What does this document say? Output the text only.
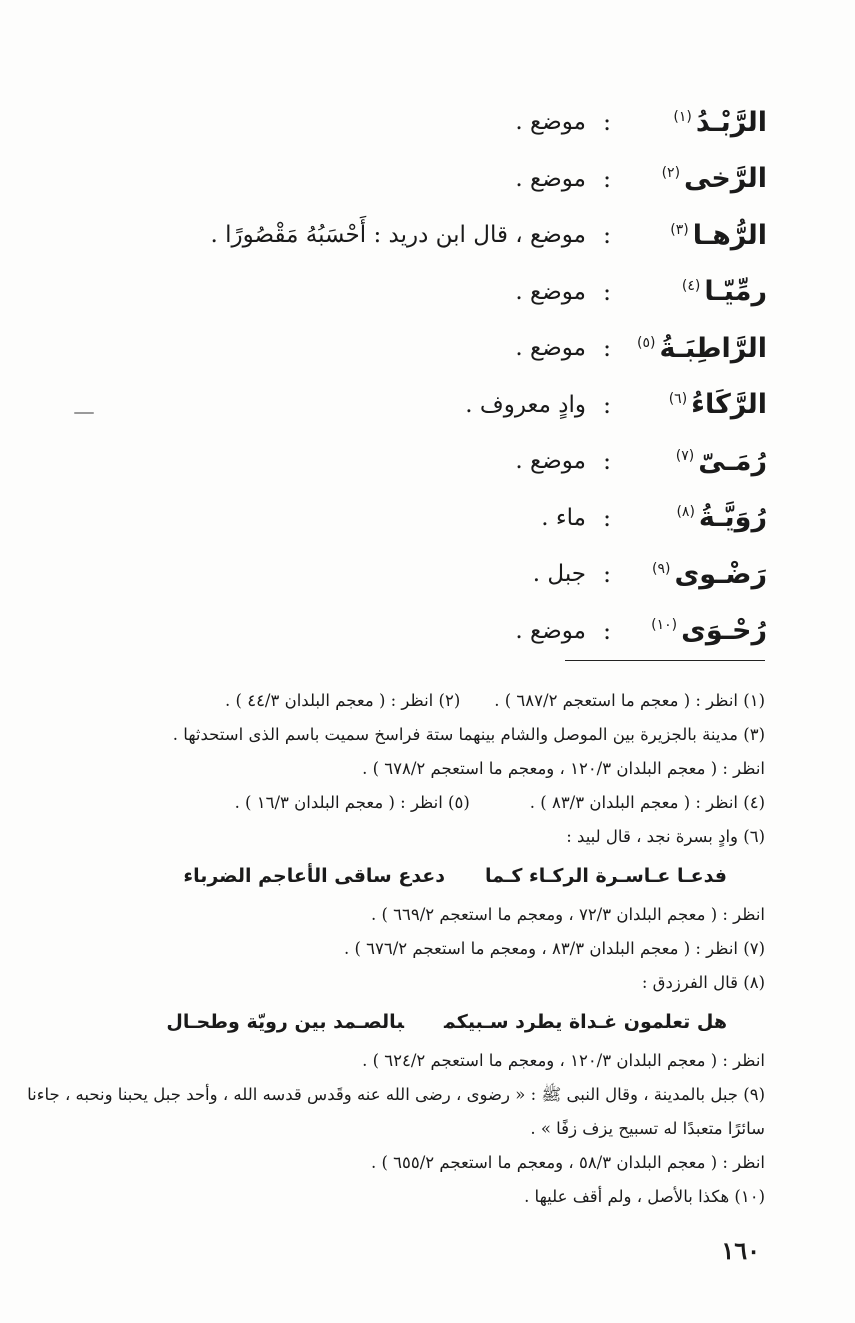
الرَّبْـدُ$^{(١)}$
:
موضع .
الرَّخى$^{(٢)}$
:
موضع .
الرُّهـا$^{(٣)}$
:
موضع ، قال ابن دريد : أَحْسَبُهُ مَقْصُورًا .
رمِّيّـا$^{(٤)}$
:
موضع .
الرَّاطِبَـةُ$^{(٥)}$
:
موضع .
الرَّكَاءُ$^{(٦)}$
:
وادٍ معروف .
رُمَـىّ$^{(٧)}$
:
موضع .
رُوَيَّـةُ$^{(٨)}$
:
ماء .
رَضْـوى$^{(٩)}$
:
جبل .
رُحْـوَى$^{(١٠)}$
:
موضع .
(١) انظر : ( معجم ما استعجم ٦٨٧/٢ ) .(٢) انظر : ( معجم البلدان ٤٤/٣ ) .
(٣) مدينة بالجزيرة بين الموصل والشام بينهما ستة فراسخ سميت باسم الذى استحدثها .
انظر : ( معجم البلدان ١٢٠/٣ ، ومعجم ما استعجم ٦٧٨/٢ ) .
(٤) انظر : ( معجم البلدان ٨٣/٣ ) .(٥) انظر : ( معجم البلدان ١٦/٣ ) .
(٦) وادٍ بسرة نجد ، قال لبيد :
فدعـا عـاسـرة الركـاء كـمادعدع ساقى الأعاجم الضرباء
انظر : ( معجم البلدان ٧٢/٣ ، ومعجم ما استعجم ٦٦٩/٢ ) .
(٧) انظر : ( معجم البلدان ٨٣/٣ ، ومعجم ما استعجم ٦٧٦/٢ ) .
(٨) قال الفرزدق :
هل تعلمون غـداة يطرد سـبيكمبالصـمد بين رويّة وطحـال
انظر : ( معجم البلدان ١٢٠/٣ ، ومعجم ما استعجم ٦٢٤/٢ ) .
(٩) جبل بالمدينة ، وقال النبى ﷺ : « رضوى ، رضى الله عنه وقَدس قدسه الله ، وأحد جبل يحبنا ونحبه ، جاءنا سائرًا متعبدًا له تسبيح يزف زفًا » .
انظر : ( معجم البلدان ٥٨/٣ ، ومعجم ما استعجم ٦٥٥/٢ ) .
(١٠) هكذا بالأصل ، ولم أقف عليها .
١٦٠
